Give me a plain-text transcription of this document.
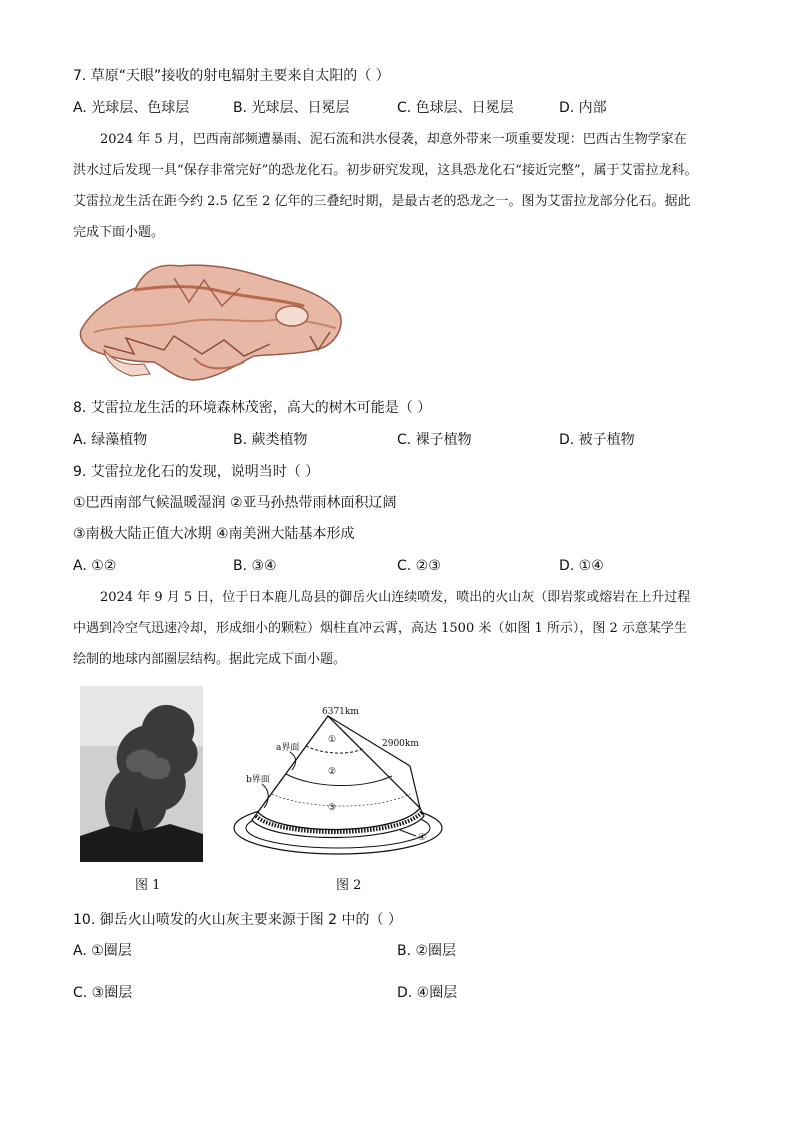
7. 草原“天眼”接收的射电辐射主要来自太阳的（ ）
A. 光球层、色球层	B. 光球层、日冕层	C. 色球层、日冕层	D. 内部
2024 年 5 月，巴西南部频遭暴雨、泥石流和洪水侵袭，却意外带来一项重要发现：巴西古生物学家在
洪水过后发现一具“保存非常完好”的恐龙化石。初步研究发现，这具恐龙化石“接近完整”，属于艾雷拉龙科。
艾雷拉龙生活在距今约 2.5 亿至 2 亿年的三叠纪时期，是最古老的恐龙之一。图为艾雷拉龙部分化石。据此
完成下面小题。
8. 艾雷拉龙生活的环境森林茂密，高大的树木可能是（ ）
A. 绿藻植物	B. 蕨类植物	C. 裸子植物	D. 被子植物
9. 艾雷拉龙化石的发现，说明当时（ ）
①巴西南部气候温暖湿润 ②亚马孙热带雨林面积辽阔
③南极大陆正值大冰期 ④南美洲大陆基本形成
A. ①②	B. ③④	C. ②③	D. ①④
2024 年 9 月 5 日，位于日本鹿儿岛县的御岳火山连续喷发，喷出的火山灰（即岩浆或熔岩在上升过程
中遇到冷空气迅速冷却，形成细小的颗粒）烟柱直冲云霄，高达 1500 米（如图 1 所示），图 2 示意某学生
绘制的地球内部圈层结构。据此完成下面小题。
图 1
6371km
2900km
a界面
b界面
①
②
③
④
图 2
10. 御岳火山喷发的火山灰主要来源于图 2 中的（ ）
A. ①圈层	B. ②圈层
C. ③圈层	D. ④圈层
